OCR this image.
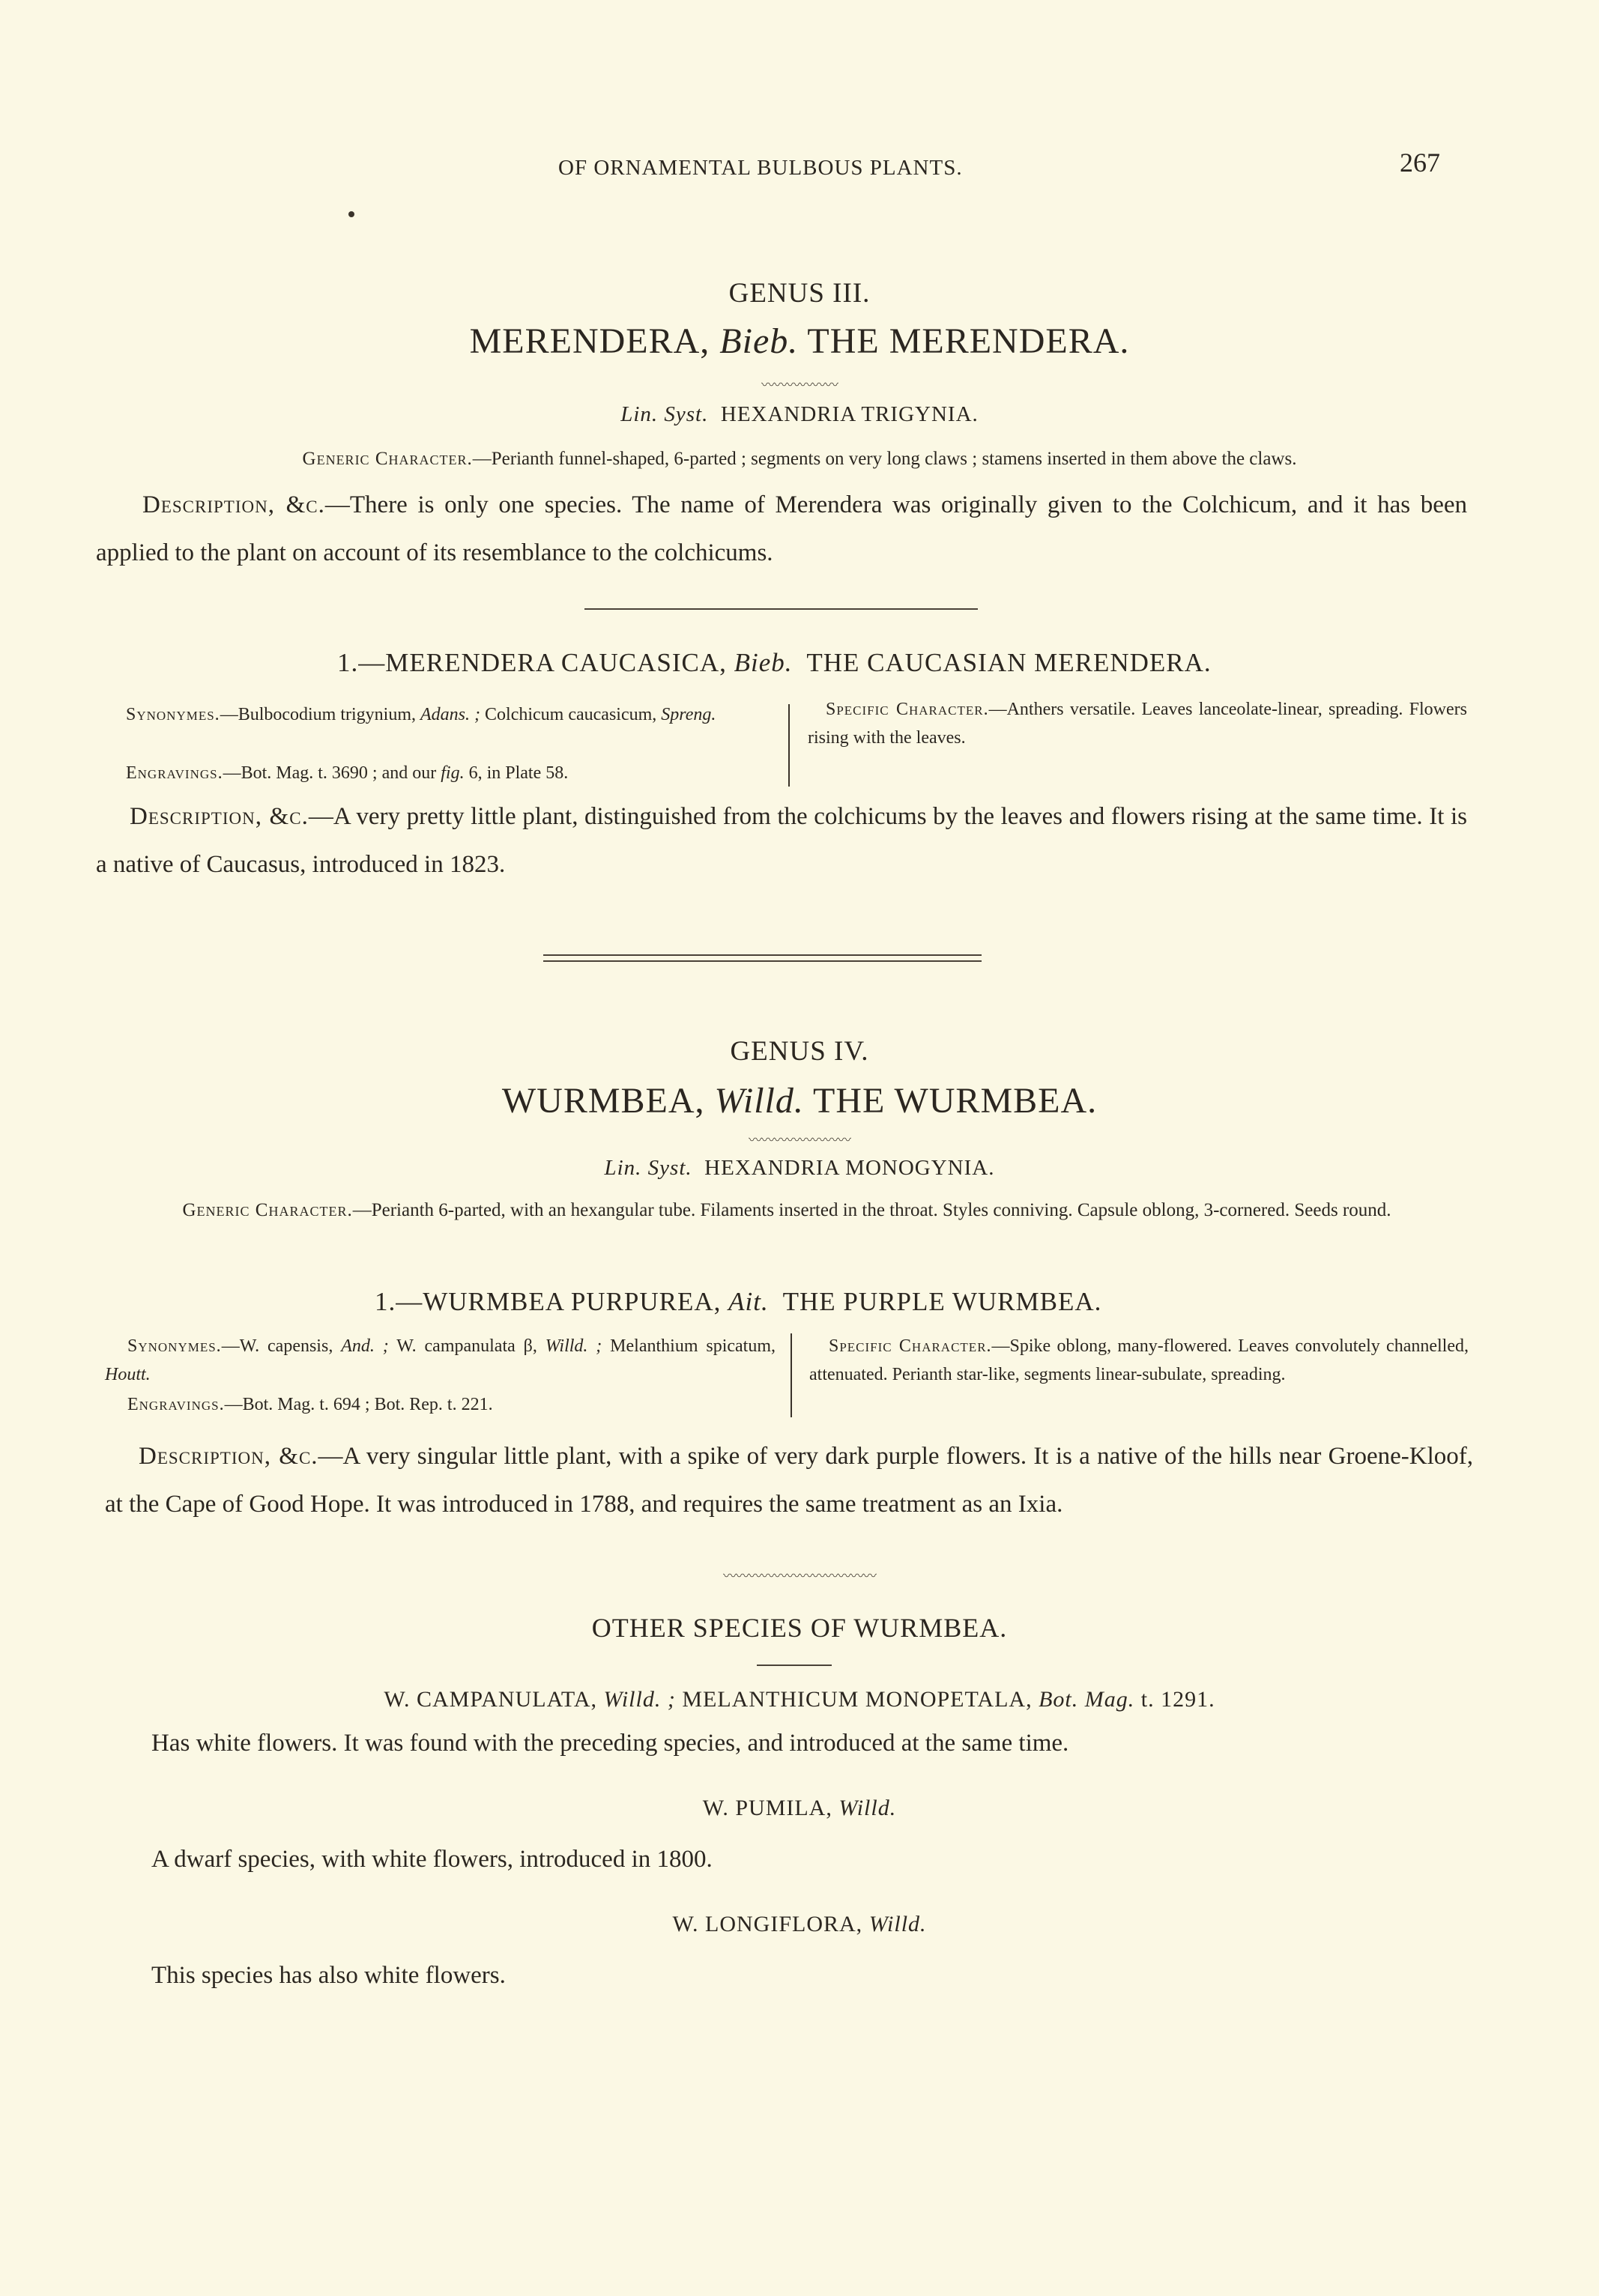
OF ORNAMENTAL BULBOUS PLANTS.	267
GENUS III.
MERENDERA, Bieb. THE MERENDERA.
〰〰〰〰〰〰
Lin. Syst. HEXANDRIA TRIGYNIA.
Generic Character.—Perianth funnel-shaped, 6-parted ; segments on very long claws ; stamens inserted in them above the claws.
Description, &c.—There is only one species. The name of Merendera was originally given to the Colchicum, and it has been applied to the plant on account of its resemblance to the colchicums.
1.—MERENDERA CAUCASICA, Bieb. THE CAUCASIAN MERENDERA.
Synonymes.—Bulbocodium trigynium, Adans. ; Colchicum caucasicum, Spreng.
Engravings.—Bot. Mag. t. 3690 ; and our fig. 6, in Plate 58.
Specific Character.—Anthers versatile. Leaves lanceolate-linear, spreading. Flowers rising with the leaves.
Description, &c.—A very pretty little plant, distinguished from the colchicums by the leaves and flowers rising at the same time. It is a native of Caucasus, introduced in 1823.
GENUS IV.
WURMBEA, Willd. THE WURMBEA.
〰〰〰〰〰〰〰〰
Lin. Syst. HEXANDRIA MONOGYNIA.
Generic Character.—Perianth 6-parted, with an hexangular tube. Filaments inserted in the throat. Styles conniving. Capsule oblong, 3-cornered. Seeds round.
1.—WURMBEA PURPUREA, Ait. THE PURPLE WURMBEA.
Synonymes.—W. capensis, And. ; W. campanulata β, Willd. ; Melanthium spicatum, Houtt.
Engravings.—Bot. Mag. t. 694 ; Bot. Rep. t. 221.
Specific Character.—Spike oblong, many-flowered. Leaves convolutely channelled, attenuated. Perianth star-like, segments linear-subulate, spreading.
Description, &c.—A very singular little plant, with a spike of very dark purple flowers. It is a native of the hills near Groene-Kloof, at the Cape of Good Hope. It was introduced in 1788, and requires the same treatment as an Ixia.
〰〰〰〰〰〰〰〰〰〰〰〰
OTHER SPECIES OF WURMBEA.
W. CAMPANULATA, Willd. ; MELANTHICUM MONOPETALA, Bot. Mag. t. 1291.
Has white flowers. It was found with the preceding species, and introduced at the same time.
W. PUMILA, Willd.
A dwarf species, with white flowers, introduced in 1800.
W. LONGIFLORA, Willd.
This species has also white flowers.
